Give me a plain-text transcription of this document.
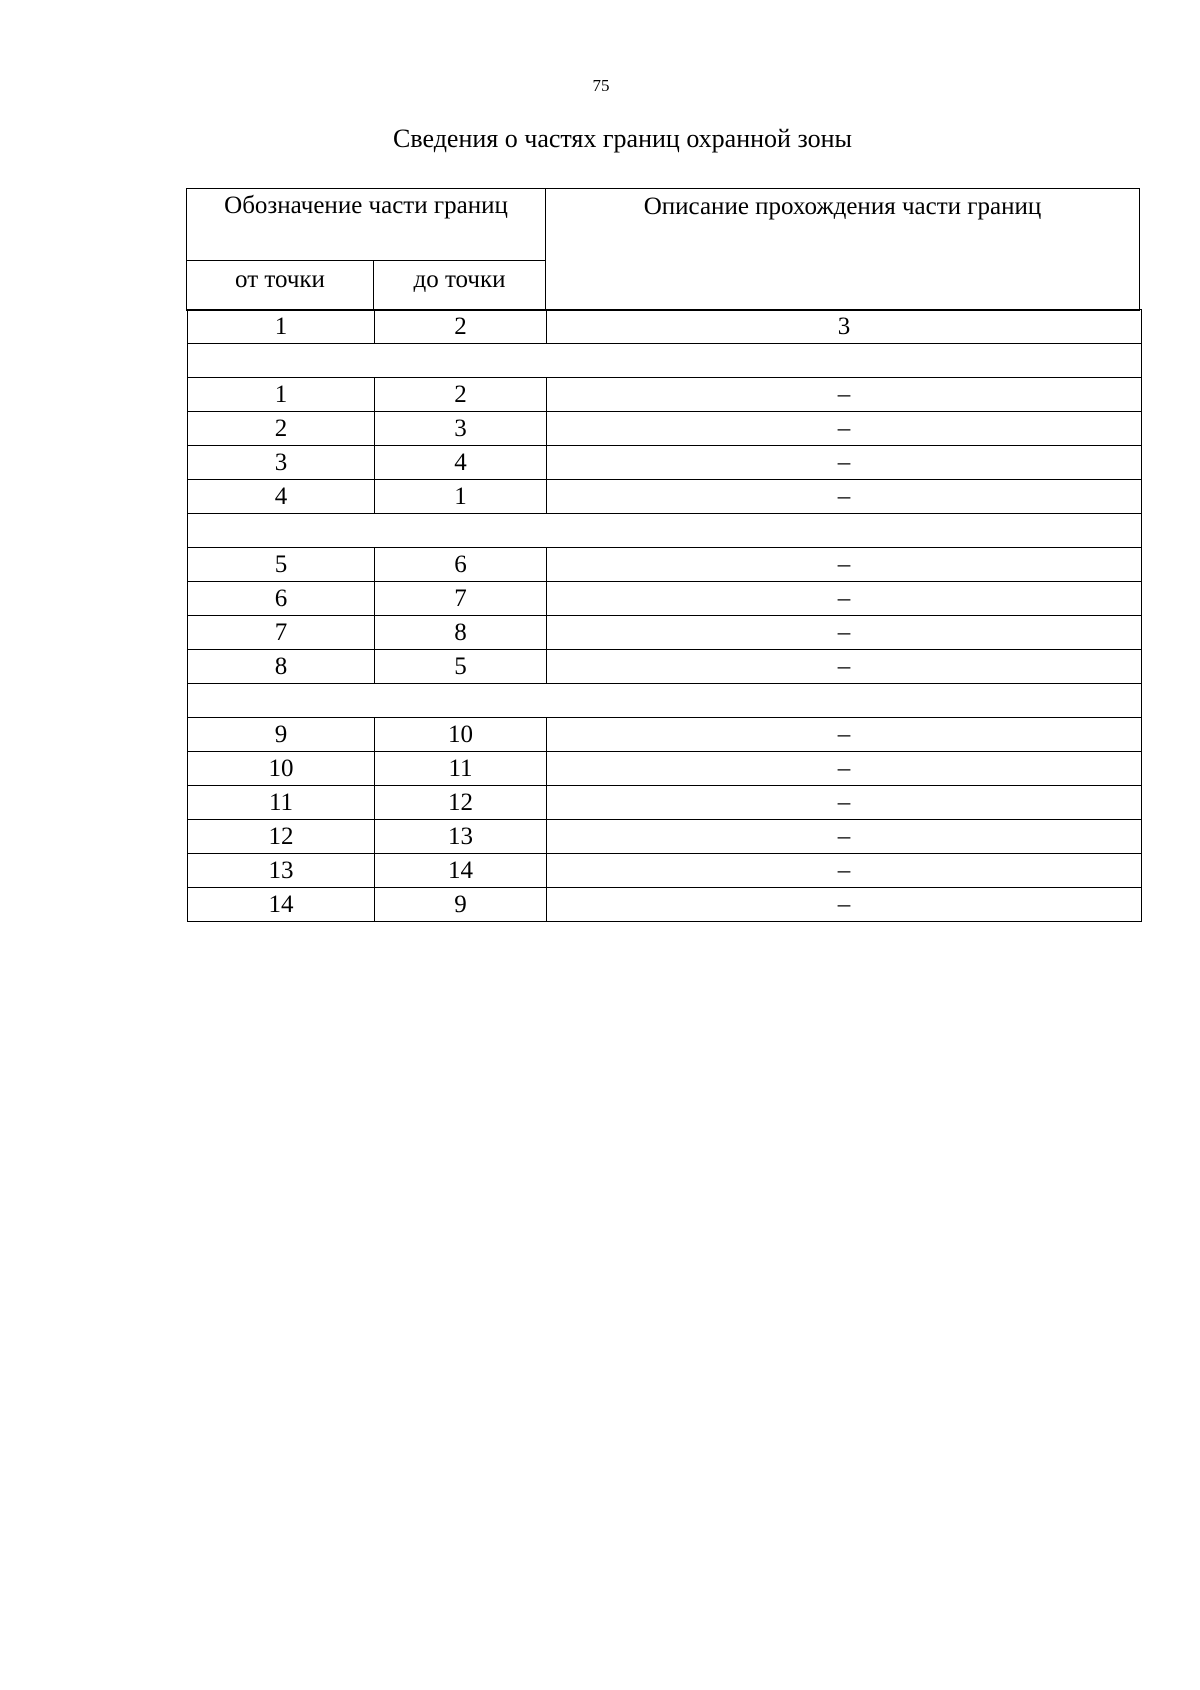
75
Сведения о частях границ охранной зоны
Обозначение части границ		Описание прохождения части границ
от точки	до точки	
1	2	3

1	2	–
2	3	–
3	4	–
4	1	–

5	6	–
6	7	–
7	8	–
8	5	–

9	10	–
10	11	–
11	12	–
12	13	–
13	14	–
14	9	–
